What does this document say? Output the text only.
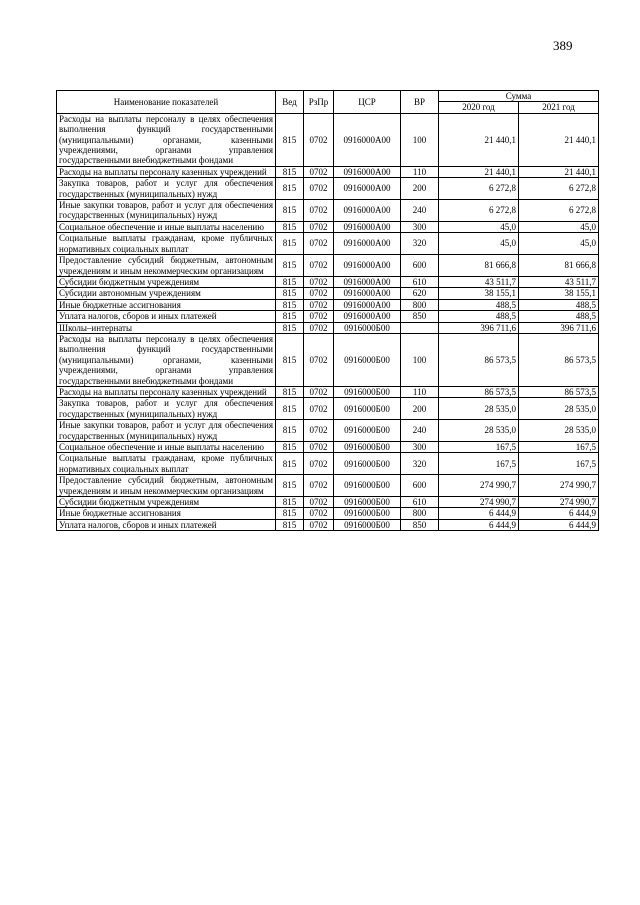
389
Наименование показателей	Вед	РзПр	ЦСР	ВР	Сумма	
					2020 год	2021 год
Расходы на выплаты персоналу в целях обеспечения выполнения функций государственными (муниципальными) органами, казенными учреждениями, органами управления государственными внебюджетными фондами	815	0702	0916000А00	100	21 440,1	21 440,1
Расходы на выплаты персоналу казенных учреждений	815	0702	0916000А00	110	21 440,1	21 440,1
Закупка товаров, работ и услуг для обеспечения государственных (муниципальных) нужд	815	0702	0916000А00	200	6 272,8	6 272,8
Иные закупки товаров, работ и услуг для обеспечения государственных (муниципальных) нужд	815	0702	0916000А00	240	6 272,8	6 272,8
Социальное обеспечение и иные выплаты населению	815	0702	0916000А00	300	45,0	45,0
Социальные выплаты гражданам, кроме публичных нормативных социальных выплат	815	0702	0916000А00	320	45,0	45,0
Предоставление субсидий бюджетным, автономным учреждениям и иным некоммерческим организациям	815	0702	0916000А00	600	81 666,8	81 666,8
Субсидии бюджетным учреждениям	815	0702	0916000А00	610	43 511,7	43 511,7
Субсидии автономным учреждениям	815	0702	0916000А00	620	38 155,1	38 155,1
Иные бюджетные ассигнования	815	0702	0916000А00	800	488,5	488,5
Уплата налогов, сборов и иных платежей	815	0702	0916000А00	850	488,5	488,5
Школы–интернаты	815	0702	0916000Б00		396 711,6	396 711,6
Расходы на выплаты персоналу в целях обеспечения выполнения функций государственными (муниципальными) органами, казенными учреждениями, органами управления государственными внебюджетными фондами	815	0702	0916000Б00	100	86 573,5	86 573,5
Расходы на выплаты персоналу казенных учреждений	815	0702	0916000Б00	110	86 573,5	86 573,5
Закупка товаров, работ и услуг для обеспечения государственных (муниципальных) нужд	815	0702	0916000Б00	200	28 535,0	28 535,0
Иные закупки товаров, работ и услуг для обеспечения государственных (муниципальных) нужд	815	0702	0916000Б00	240	28 535,0	28 535,0
Социальное обеспечение и иные выплаты населению	815	0702	0916000Б00	300	167,5	167,5
Социальные выплаты гражданам, кроме публичных нормативных социальных выплат	815	0702	0916000Б00	320	167,5	167,5
Предоставление субсидий бюджетным, автономным учреждениям и иным некоммерческим организациям	815	0702	0916000Б00	600	274 990,7	274 990,7
Субсидии бюджетным учреждениям	815	0702	0916000Б00	610	274 990,7	274 990,7
Иные бюджетные ассигнования	815	0702	0916000Б00	800	6 444,9	6 444,9
Уплата налогов, сборов и иных платежей	815	0702	0916000Б00	850	6 444,9	6 444,9
